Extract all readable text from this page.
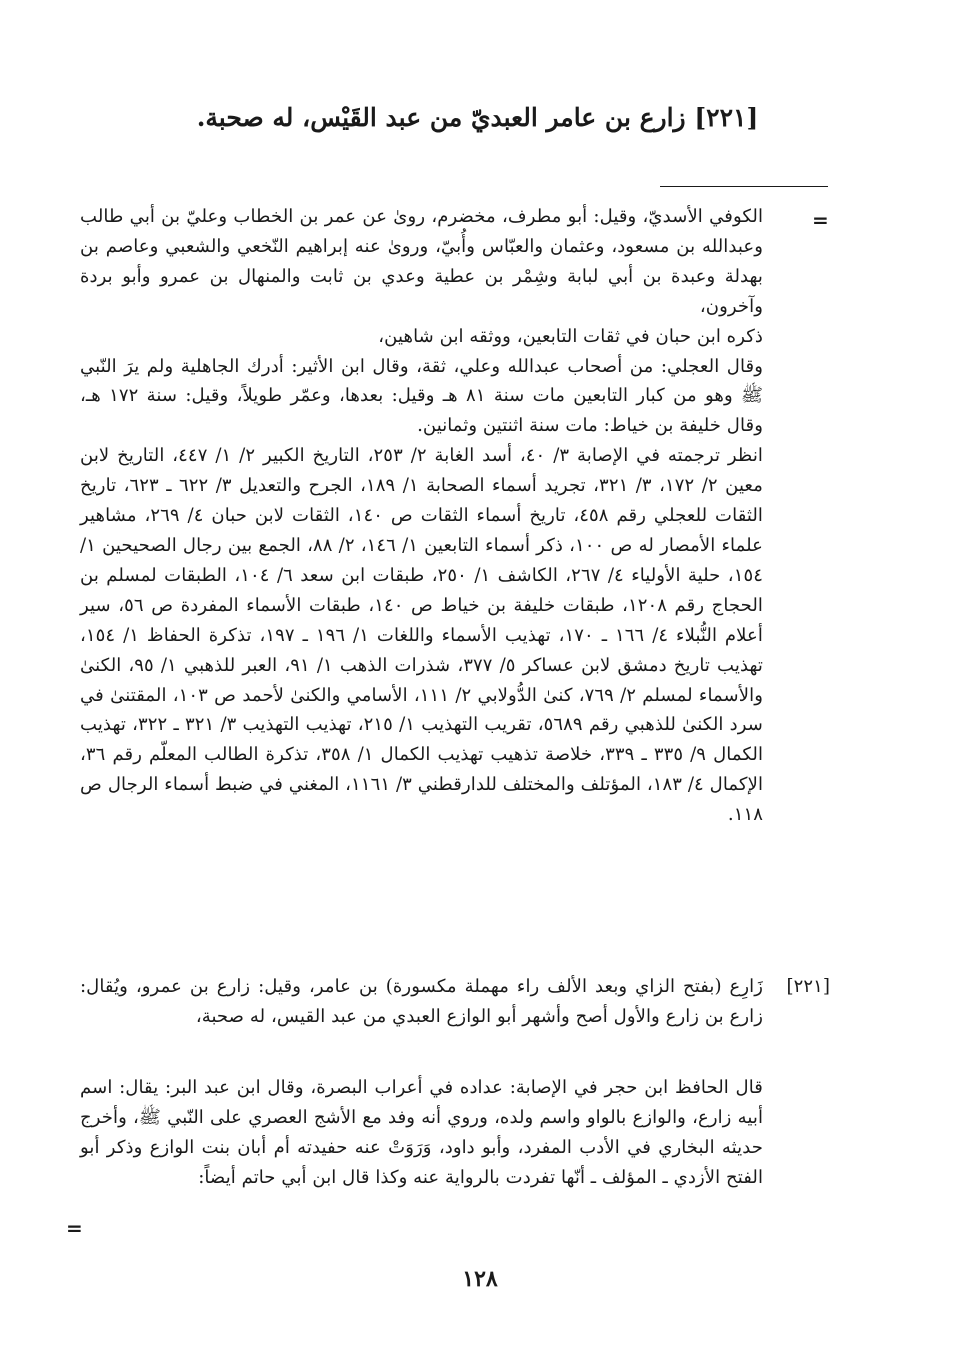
[٢٢١] زارع بن عامر العبديّ من عبد القَيْس، له صحبة.
=

الكوفي الأسديّ، وقيل: أبو مطرف، مخضرم، روىٰ عن عمر بن الخطاب وعليّ بن أبي طالب وعبدالله بن مسعود، وعثمان والعبّاس وأُبيّ، وروىٰ عنه إبراهيم النّخعي والشعبي وعاصم بن بهدلة وعبدة بن أبي لبابة وشِمْر بن عطية وعدي بن ثابت والمنهال بن عمرو وأبو بردة وآخرون،

ذكره ابن حبان في ثقات التابعين، ووثقه ابن شاهين،

وقال العجلي: من أصحاب عبدالله وعلي، ثقة، وقال ابن الأثير: أدرك الجاهلية ولم يرَ النّبي ﷺ وهو من كبار التابعين مات سنة ٨١ هـ وقيل: بعدها، وعمّر طويلاً، وقيل: سنة ١٧٢ هـ، وقال خليفة بن خياط: مات سنة اثنتين وثمانين.

انظر ترجمته في الإصابة ٣/ ٤٠، أسد الغابة ٢/ ٢٥٣، التاريخ الكبير ٢/ ١/ ٤٤٧، التاريخ لابن معين ٢/ ١٧٢، ٣/ ٣٢١، تجريد أسماء الصحابة ١/ ١٨٩، الجرح والتعديل ٣/ ٦٢٢ ـ ٦٢٣، تاريخ الثقات للعجلي رقم ٤٥٨، تاريخ أسماء الثقات ص ١٤٠، الثقات لابن حبان ٤/ ٢٦٩، مشاهير علماء الأمصار له ص ١٠٠، ذكر أسماء التابعين ١/ ١٤٦، ٢/ ٨٨، الجمع بين رجال الصحيحين ١/ ١٥٤، حلية الأولياء ٤/ ٢٦٧، الكاشف ١/ ٢٥٠، طبقات ابن سعد ٦/ ١٠٤، الطبقات لمسلم بن الحجاج رقم ١٢٠٨، طبقات خليفة بن خياط ص ١٤٠، طبقات الأسماء المفردة ص ٥٦، سير أعلام النُّبلاء ٤/ ١٦٦ ـ ١٧٠، تهذيب الأسماء واللغات ١/ ١٩٦ ـ ١٩٧، تذكرة الحفاظ ١/ ١٥٤، تهذيب تاريخ دمشق لابن عساكر ٥/ ٣٧٧، شذرات الذهب ١/ ٩١، العبر للذهبي ١/ ٩٥، الكنىٰ والأسماء لمسلم ٢/ ٧٦٩، كنىٰ الدُّولابي ٢/ ١١١، الأسامي والكنىٰ لأحمد ص ١٠٣، المقتنىٰ في سرد الكنىٰ للذهبي رقم ٥٦٨٩، تقريب التهذيب ١/ ٢١٥، تهذيب التهذيب ٣/ ٣٢١ ـ ٣٢٢، تهذيب الكمال ٩/ ٣٣٥ ـ ٣٣٩، خلاصة تذهيب تهذيب الكمال ١/ ٣٥٨، تذكرة الطالب المعلّم رقم ٣٦، الإكمال ٤/ ١٨٣، المؤتلف والمختلف للدارقطني ٣/ ١١٦١، المغني في ضبط أسماء الرجال ص ١١٨.

[٢٢١]

زَارِع (بفتح الزاي وبعد الألف راء مهملة مكسورة) بن عامر، وقيل: زارع بن عمرو، ويُقال: زارع بن زارع والأول أصح وأشهر أبو الوازع العبدي من عبد القيس، له صحبة،

قال الحافظ ابن حجر في الإصابة: عداده في أعراب البصرة، وقال ابن عبد البر: يقال: اسم أبيه زارع، والوازع بالواو واسم ولده، وروي أنه وفد مع الأشج العصري على النّبي ﷺ، وأخرج حديثه البخاري في الأدب المفرد، وأبو داود، وَرَوَتْ عنه حفيدته أم أبان بنت الوازع وذكر أبو الفتح الأزدي ـ المؤلف ـ أنّها تفردت بالرواية عنه وكذا قال ابن أبي حاتم أيضاً:

=
١٢٨
